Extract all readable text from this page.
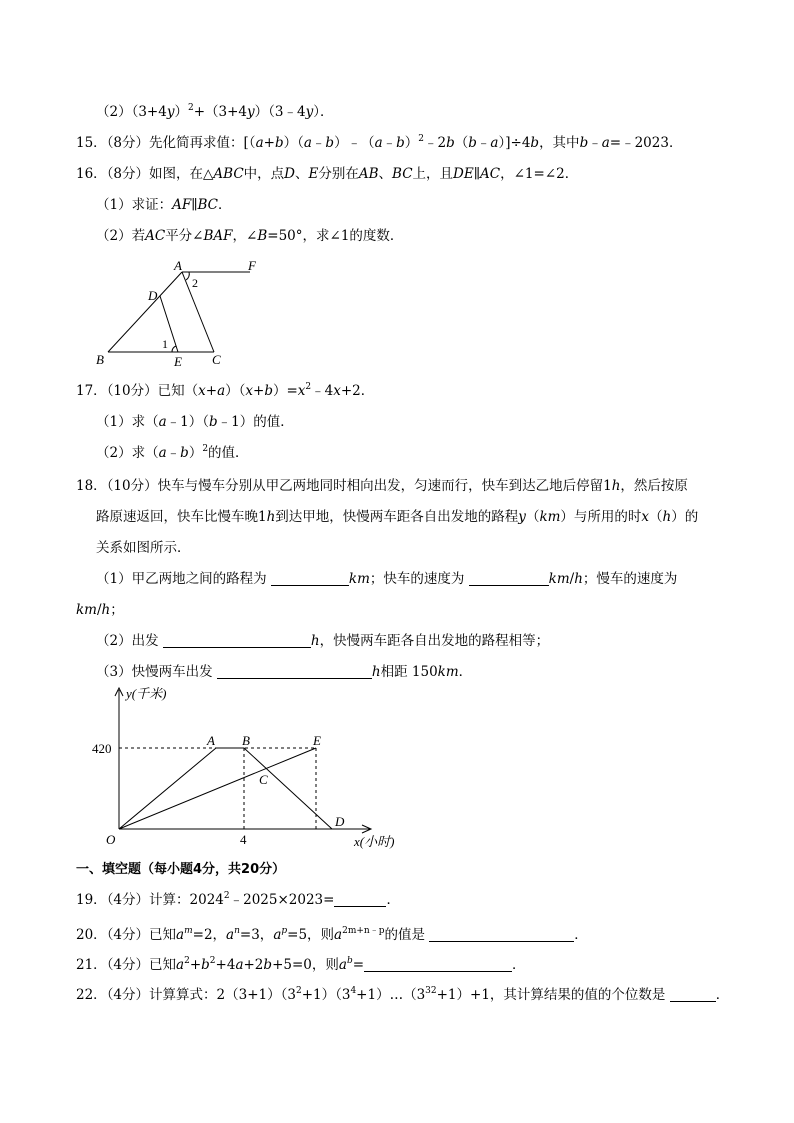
$(2)(3+4y)^2+(3+4y)(3﹣4y)$．
15．（8分）先化简再求值：[（a+b）（a﹣b）﹣（a﹣b）$^2$﹣2b（b﹣a）]÷4b，其中b﹣a=﹣2023．
16．（8分）如图，在△ABC中，点D、E分别在AB、BC上，且DE∥AC，∠1=∠2．
（1）求证：AF∥BC．
（2）若AC平分∠BAF，∠B=50°，求∠1的度数．
A	F
D
B	E C
1
2
17．（10分）已知$(x+a)(x+b)=x^2﹣4x+2$．
（1）求（a﹣1）（b﹣1）的值．
（2）求（a﹣b）$^2$的值．
18．（10分）快车与慢车分别从甲乙两地同时相向出发，匀速而行，快车到达乙地后停留1h，然后按原
路原速返回，快车比慢车晚1h到达甲地，快慢两车距各自出发地的路程y（km）与所用的时x（h）的
关系如图所示．
（1）甲乙两地之间的路程为	km；快车的速度为	km/h；慢车的速度为
km/h；
（2）出发	h，快慢两车距各自出发地的路程相等；
（3）快慢两车出发	h相距 150km．
y(千米)
x(小时)
O
A B
C
D
E
420
4
一、填空题（每小题4分，共20分）
19．（4分）计算：$2024^2﹣2025\times 2023=$	．
20．（4分）已知$a^m=2$，$a^n=3$，$a^p=5$，则$a^{2m+n﹣p}$的值是	．
21．（4分）已知$a^2+b^2+4a+2b+5=0$，则$a^b=$	．
22．（4分）计算算式：$2(3+1)(3^2+1)(3^4+1)\dots(3^{32}+1)+1$，其计算结果的值的个位数是	．
